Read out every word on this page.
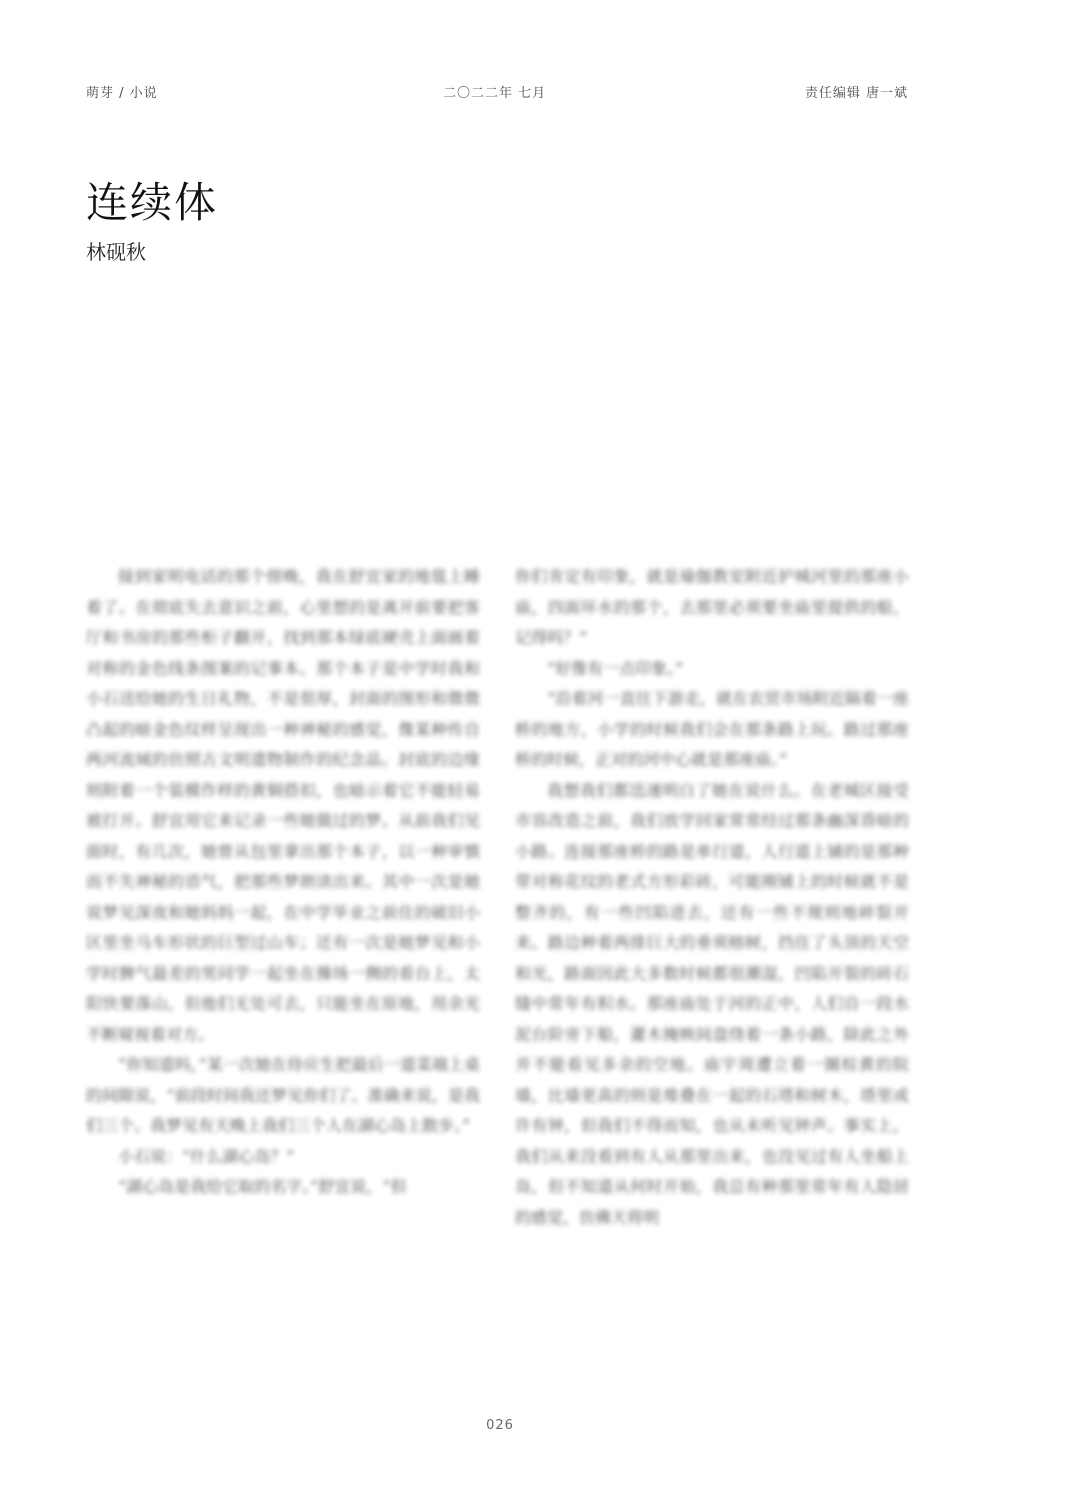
萌芽 / 小说	二〇二二年 七月	责任编辑 唐一斌
连续体
林砚秋

接到家明电话的那个傍晚，我在舒宜家的地毯上睡着了。在彻底失去意识之前，心里想的是离开前要把客厅和书房的那些柜子翻开，找到那本绿底硬壳上面画着对称的金色线条图案的记事本。那个本子是中学时我和小石送给她的生日礼物，不是很厚，封面的图形和微微凸起的暗金色纹样呈现出一种神秘的感觉，像某种传自两河流域的仿照古文明遗物制作的纪念品。封底的边缘则附着一个装模作样的黄铜搭扣，也暗示着它不能轻易被打开。舒宜用它来记录一些她做过的梦。从前我们见面时，有几次，她曾从包里拿出那个本子，以一种审慎而不失神秘的语气，把那些梦朗读出来。其中一次是她说梦见深夜和她妈妈一起，在中学毕业之前住的破旧小区里坐马车形状的巨型过山车；还有一次是她梦见和小学时脾气最差的男同学一起坐在操场一侧的看台上，太阳快要落山，但他们无处可去，只能坐在原地，用余光不断窥视着对方。

“你知道吗，”某一次她在侍应生把最后一道菜端上桌的间隙说，“前段时间我还梦见你们了。准确来说，是我们三个。我梦见有天晚上我们三个人在湖心岛上散步。”

小石说：“什么湖心岛？”

“湖心岛是我给它取的名字。”舒宜说，“但

你们肯定有印象，就是瑜伽教室附近护城河里的那座小庙，四面环水的那个，去那里必须要坐庙里提供的船，记得吗？”

“好像有一点印象。”

“沿着河一直往下游走，就在农贸市场附近隔着一座桥的地方，小学的时候我们会在那条路上玩。路过那座桥的时候，正对的河中心就是那座庙。”

我想我们都迅速明白了她在说什么。在老城区接受市容改造之前，我们放学回家常常经过那条幽深昏暗的小路。连接那座桥的路是单行道，人行道上铺的是那种带对称花纹的老式方形彩砖，可能刚铺上的时候就不是整齐的，有一些凹陷进去，还有一些不规则地碎裂开来。路边种着两排巨大的垂须榕树，挡住了头顶的天空和光，路面因此大多数时候都很潮湿，凹陷开裂的砖石缝中常年有积水。那座庙处于河的正中，人们自一段水泥台阶旁下船，灌木掩映间盘绕着一条小路，除此之外并不能看见多余的空地。庙宇周遭立着一圈棕黄的院墙，比墙更高的则是堆叠在一起的石塔和树木，塔里或许有钟，但我们不得而知，也从未听见钟声。事实上，我们从来没看到有人从那里出来，也没见过有人坐船上岛，但不知道从何时开始，我总有种那里常年有人隐居的感觉，仿佛天将明

026
